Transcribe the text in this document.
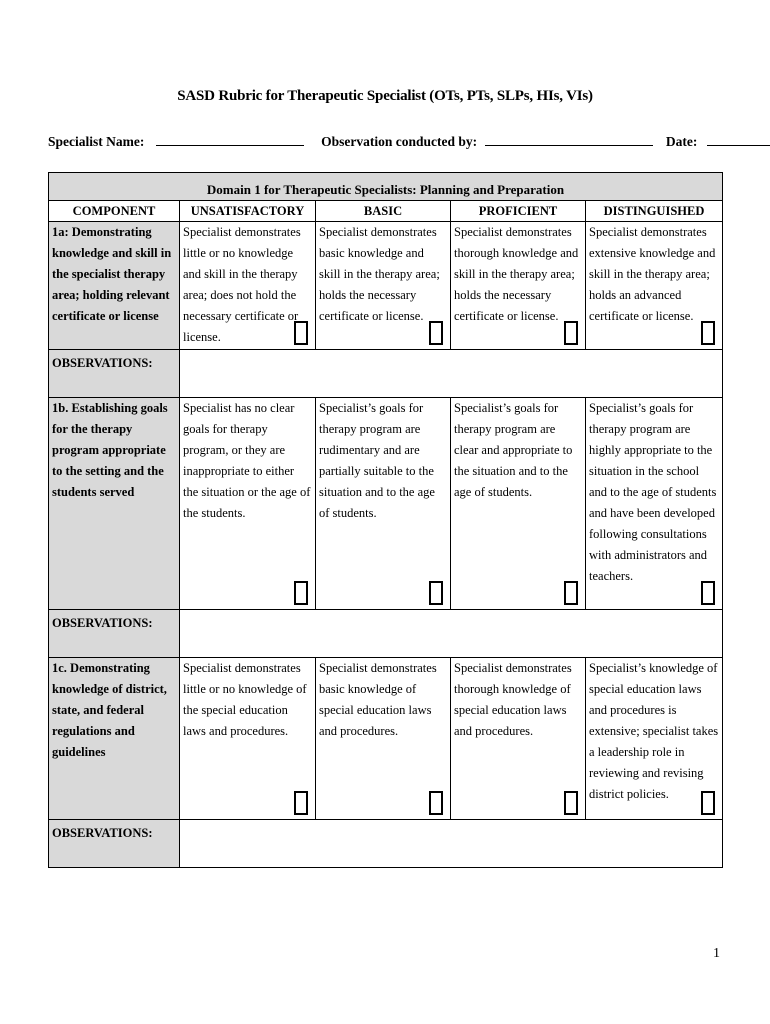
SASD Rubric for Therapeutic Specialist (OTs, PTs, SLPs, HIs, VIs)
Specialist Name:	Observation conducted by:	Date:
Domain 1 for Therapeutic Specialists: Planning and Preparation				
COMPONENT	UNSATISFACTORY	BASIC	PROFICIENT	DISTINGUISHED
1a: Demonstrating knowledge and skill in the specialist therapy area; holding relevant certificate or license	Specialist demonstrates little or no knowledge and skill in the therapy area; does not hold the necessary certificate or license.	Specialist demonstrates basic knowledge and skill in the therapy area; holds the necessary certificate or license.	Specialist demonstrates thorough knowledge and skill in the therapy area; holds the necessary certificate or license.	Specialist demonstrates extensive knowledge and skill in the therapy area; holds an advanced certificate or license.

OBSERVATIONS:				
1b. Establishing goals for the therapy program appropriate to the setting and the students served	Specialist has no clear goals for therapy program, or they are inappropriate to either the situation or the age of the students.	Specialist’s goals for therapy program are rudimentary and are partially suitable to the situation and to the age of students.	Specialist’s goals for therapy program are clear and appropriate to the situation and to the age of students.	Specialist’s goals for therapy program are highly appropriate to the situation in the school and to the age of students and have been developed following consultations with administrators and teachers.

OBSERVATIONS:				
1c. Demonstrating knowledge of district, state, and federal regulations and guidelines	Specialist demonstrates little or no knowledge of the special education laws and procedures.	Specialist demonstrates basic knowledge of special education laws and procedures.	Specialist demonstrates thorough knowledge of special education laws and procedures.	Specialist’s knowledge of special education laws and procedures is extensive; specialist takes a leadership role in reviewing and revising district policies.

OBSERVATIONS:				
1
